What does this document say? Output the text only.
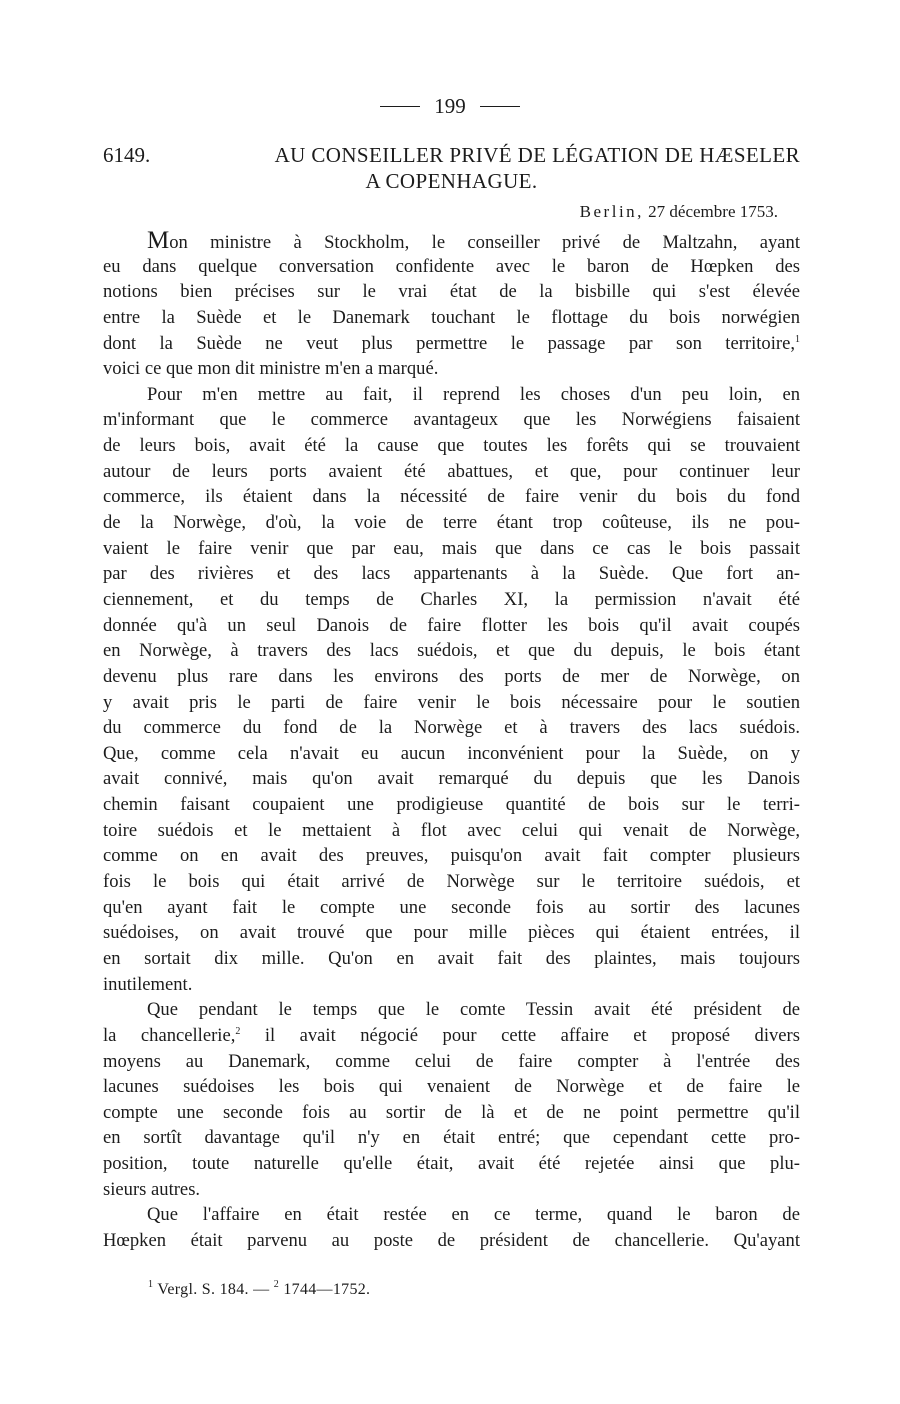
199
6149.	AU CONSEILLER PRIVÉ DE LÉGATION DE HÆSELER
A COPENHAGUE.
Berlin, 27 décembre 1753.
Mon ministre à Stockholm, le conseiller privé de Maltzahn, ayant
eu dans quelque conversation confidente avec le baron de Hœpken des
notions bien précises sur le vrai état de la bisbille qui s'est élevée
entre la Suède et le Danemark touchant le flottage du bois norwégien
dont la Suède ne veut plus permettre le passage par son territoire,$^1$
voici ce que mon dit ministre m'en a marqué.
Pour m'en mettre au fait, il reprend les choses d'un peu loin, en
m'informant que le commerce avantageux que les Norwégiens faisaient
de leurs bois, avait été la cause que toutes les forêts qui se trouvaient
autour de leurs ports avaient été abattues, et que, pour continuer leur
commerce, ils étaient dans la nécessité de faire venir du bois du fond
de la Norwège, d'où, la voie de terre étant trop coûteuse, ils ne pou-
vaient le faire venir que par eau, mais que dans ce cas le bois passait
par des rivières et des lacs appartenants à la Suède. Que fort an-
ciennement, et du temps de Charles XI, la permission n'avait été
donnée qu'à un seul Danois de faire flotter les bois qu'il avait coupés
en Norwège, à travers des lacs suédois, et que du depuis, le bois étant
devenu plus rare dans les environs des ports de mer de Norwège, on
y avait pris le parti de faire venir le bois nécessaire pour le soutien
du commerce du fond de la Norwège et à travers des lacs suédois.
Que, comme cela n'avait eu aucun inconvénient pour la Suède, on y
avait connivé, mais qu'on avait remarqué du depuis que les Danois
chemin faisant coupaient une prodigieuse quantité de bois sur le terri-
toire suédois et le mettaient à flot avec celui qui venait de Norwège,
comme on en avait des preuves, puisqu'on avait fait compter plusieurs
fois le bois qui était arrivé de Norwège sur le territoire suédois, et
qu'en ayant fait le compte une seconde fois au sortir des lacunes
suédoises, on avait trouvé que pour mille pièces qui étaient entrées, il
en sortait dix mille. Qu'on en avait fait des plaintes, mais toujours
inutilement.
Que pendant le temps que le comte Tessin avait été président de
la chancellerie,$^2$ il avait négocié pour cette affaire et proposé divers
moyens au Danemark, comme celui de faire compter à l'entrée des
lacunes suédoises les bois qui venaient de Norwège et de faire le
compte une seconde fois au sortir de là et de ne point permettre qu'il
en sortît davantage qu'il n'y en était entré; que cependant cette pro-
position, toute naturelle qu'elle était, avait été rejetée ainsi que plu-
sieurs autres.
Que l'affaire en était restée en ce terme, quand le baron de
Hœpken était parvenu au poste de président de chancellerie. Qu'ayant
$^1$ Vergl. S. 184. — $^2$ 1744—1752.
